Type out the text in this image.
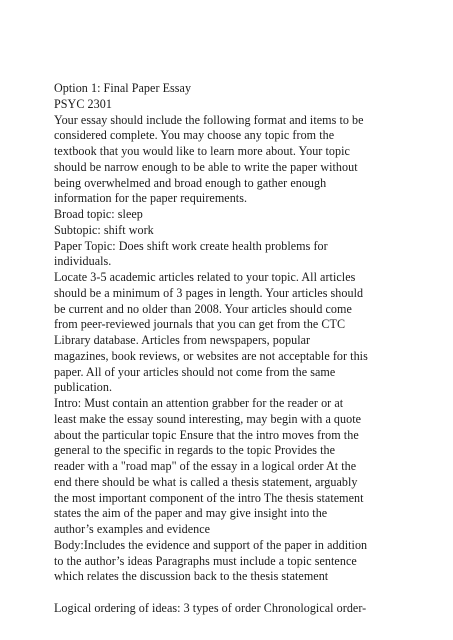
Option 1: Final Paper Essay
PSYC 2301
Your essay should include the following format and items to be
considered complete. You may choose any topic from the
textbook that you would like to learn more about. Your topic
should be narrow enough to be able to write the paper without
being overwhelmed and broad enough to gather enough
information for the paper requirements.
Broad topic: sleep
Subtopic: shift work
Paper Topic: Does shift work create health problems for
individuals.
Locate 3-5 academic articles related to your topic. All articles
should be a minimum of 3 pages in length. Your articles should
be current and no older than 2008. Your articles should come
from peer-reviewed journals that you can get from the CTC
Library database. Articles from newspapers, popular
magazines, book reviews, or websites are not acceptable for this
paper. All of your articles should not come from the same
publication.
Intro: Must contain an attention grabber for the reader or at
least make the essay sound interesting, may begin with a quote
about the particular topic Ensure that the intro moves from the
general to the specific in regards to the topic Provides the
reader with a "road map" of the essay in a logical order At the
end there should be what is called a thesis statement, arguably
the most important component of the intro The thesis statement
states the aim of the paper and may give insight into the
author’s examples and evidence
Body:Includes the evidence and support of the paper in addition
to the author’s ideas Paragraphs must include a topic sentence
which relates the discussion back to the thesis statement
Logical ordering of ideas: 3 types of order Chronological order-
